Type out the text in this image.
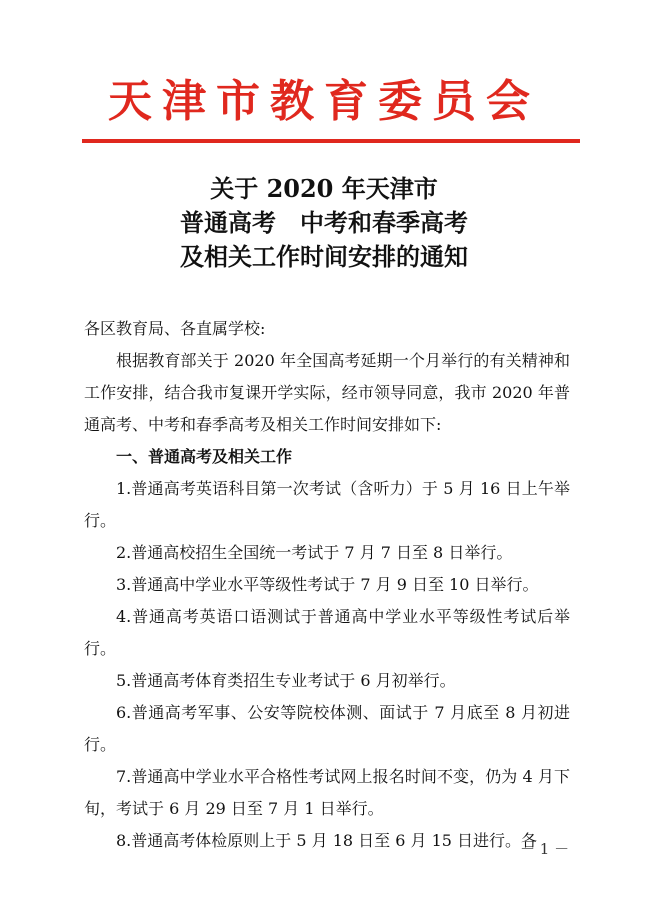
天津市教育委员会
关于 2020 年天津市
普通高考　中考和春季高考
及相关工作时间安排的通知

各区教育局、各直属学校:

根据教育部关于 2020 年全国高考延期一个月举行的有关精神和工作安排，结合我市复课开学实际，经市领导同意，我市 2020 年普通高考、中考和春季高考及相关工作时间安排如下:

一、普通高考及相关工作

1.普通高考英语科目第一次考试（含听力）于 5 月 16 日上午举行。

2.普通高校招生全国统一考试于 7 月 7 日至 8 日举行。

3.普通高中学业水平等级性考试于 7 月 9 日至 10 日举行。

4.普通高考英语口语测试于普通高中学业水平等级性考试后举行。

5.普通高考体育类招生专业考试于 6 月初举行。

6.普通高考军事、公安等院校体测、面试于 7 月底至 8 月初进行。

7.普通高中学业水平合格性考试网上报名时间不变，仍为 4 月下旬，考试于 6 月 29 日至 7 月 1 日举行。

8.普通高考体检原则上于 5 月 18 日至 6 月 15 日进行。各

－ 1 －
